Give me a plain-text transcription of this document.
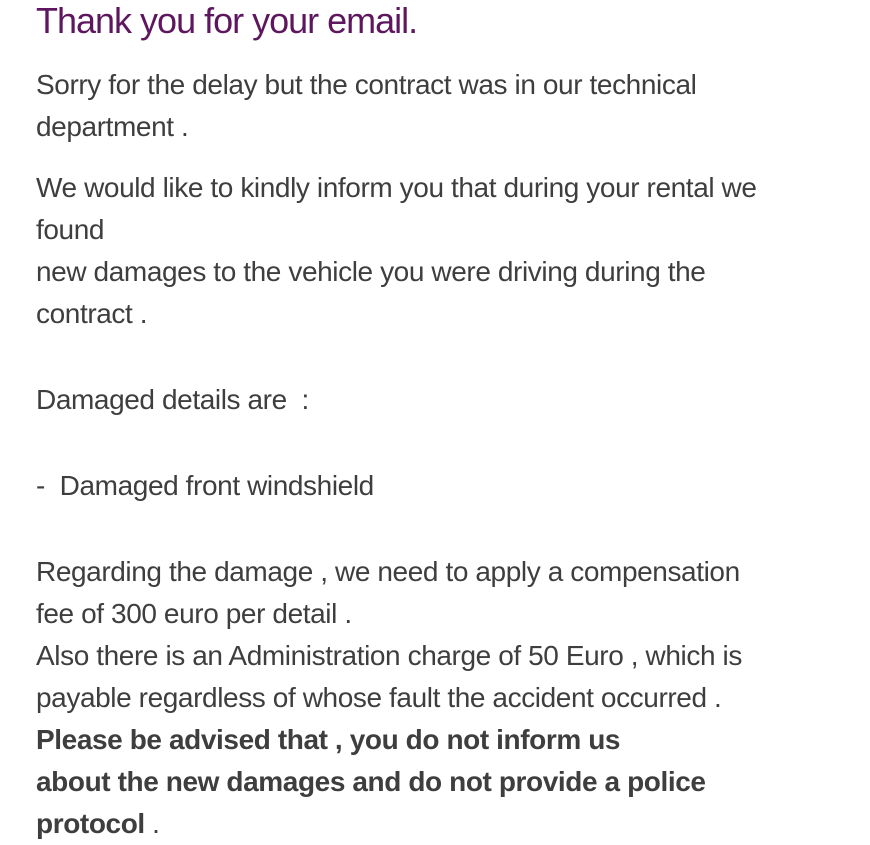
Thank you for your email.

Sorry for the delay but the contract was in our technical
department .

We would like to kindly inform you that during your rental we
found
new damages to the vehicle you were driving during the
contract .

Damaged details are  :

-  Damaged front windshield

Regarding the damage , we need to apply a compensation
fee of 300 euro per detail .
Also there is an Administration charge of 50 Euro , which is
payable regardless of whose fault the accident occurred .
Please be advised that , you do not inform us
about the new damages and do not provide a police
protocol .
